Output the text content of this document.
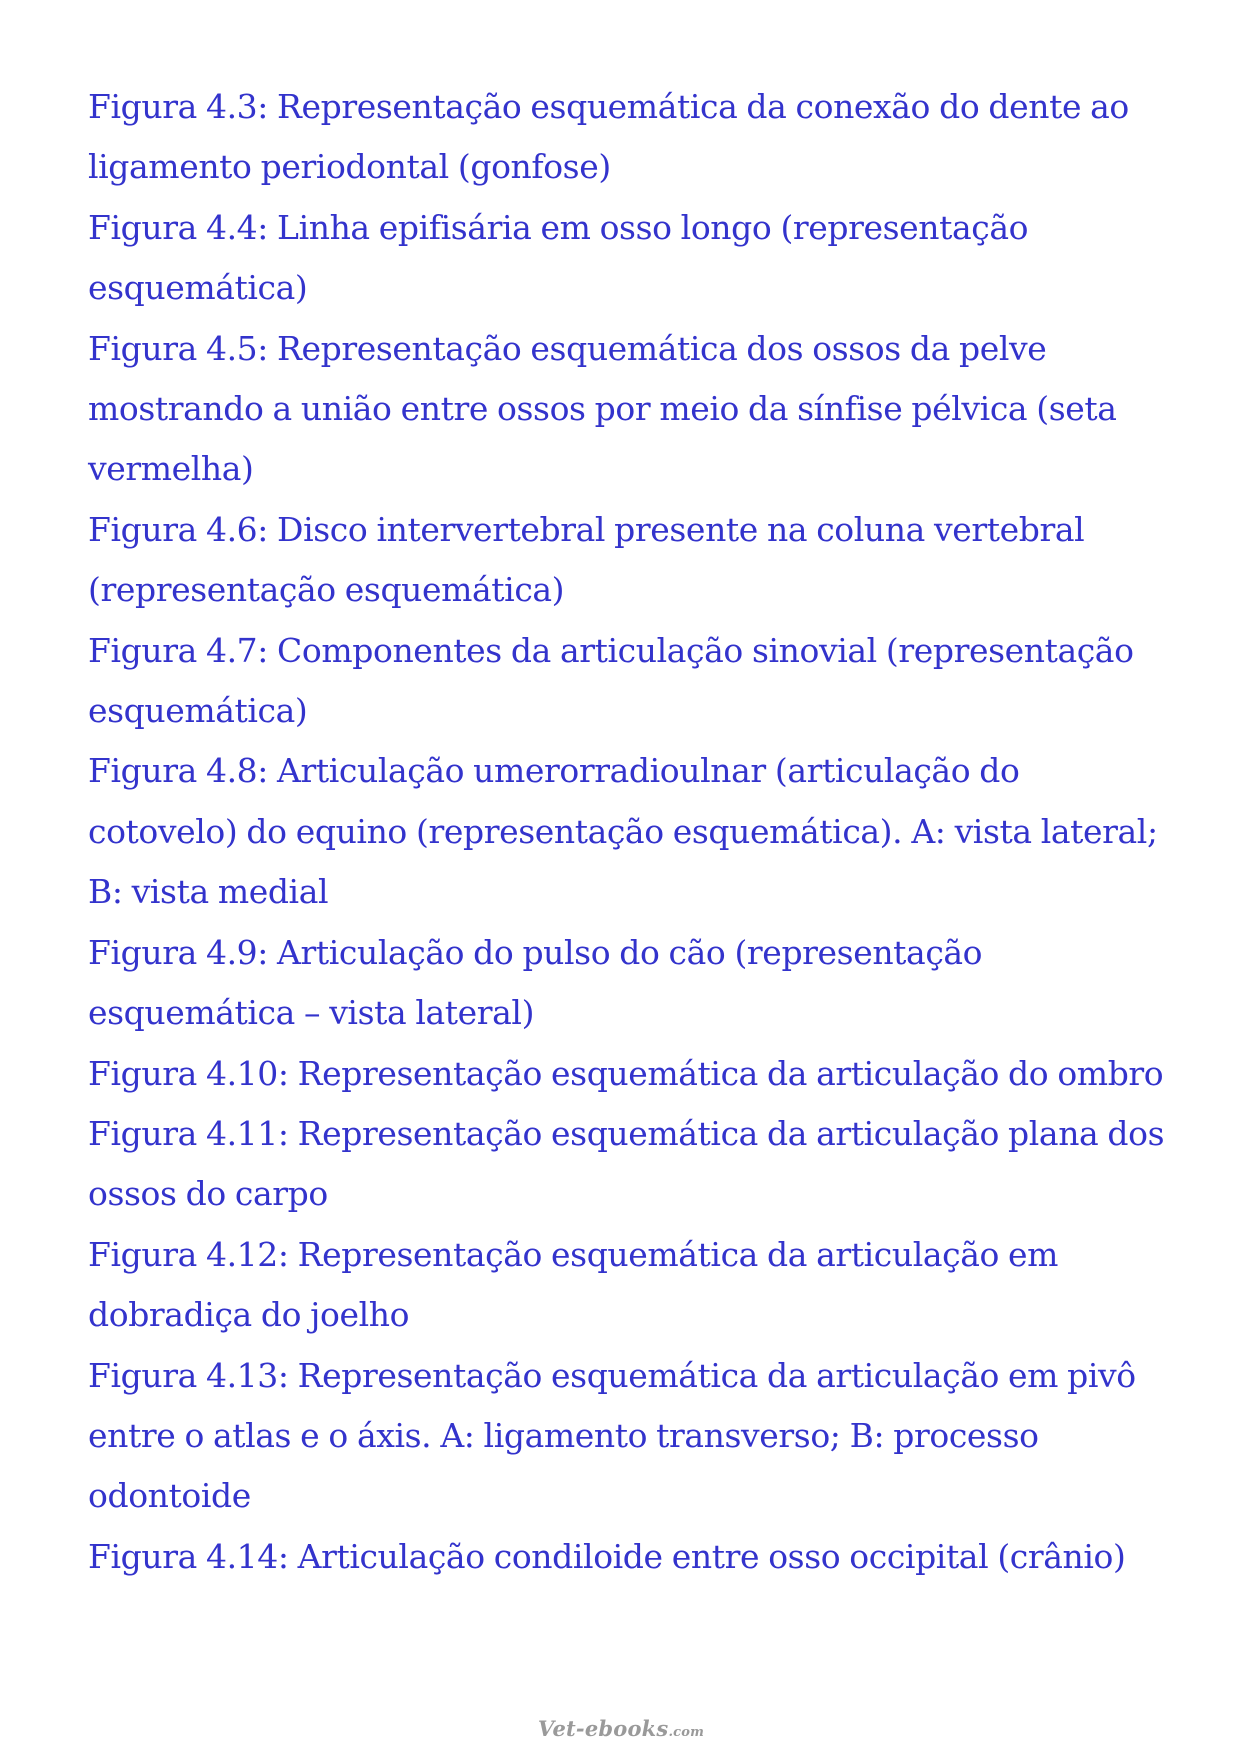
Figura 4.3: Representação esquemática da conexão do dente ao ligamento periodontal (gonfose)
Figura 4.4: Linha epifisária em osso longo (representação esquemática)
Figura 4.5: Representação esquemática dos ossos da pelve mostrando a união entre ossos por meio da sínfise pélvica (seta vermelha)
Figura 4.6: Disco intervertebral presente na coluna vertebral (representação esquemática)
Figura 4.7: Componentes da articulação sinovial (representação esquemática)
Figura 4.8: Articulação umerorradioulnar (articulação do cotovelo) do equino (representação esquemática). A: vista lateral; B: vista medial
Figura 4.9: Articulação do pulso do cão (representação esquemática – vista lateral)
Figura 4.10: Representação esquemática da articulação do ombro
Figura 4.11: Representação esquemática da articulação plana dos ossos do carpo
Figura 4.12: Representação esquemática da articulação em dobradiça do joelho
Figura 4.13: Representação esquemática da articulação em pivô entre o atlas e o áxis. A: ligamento transverso; B: processo odontoide
Figura 4.14: Articulação condiloide entre osso occipital (crânio)
Vet-ebooks.com
